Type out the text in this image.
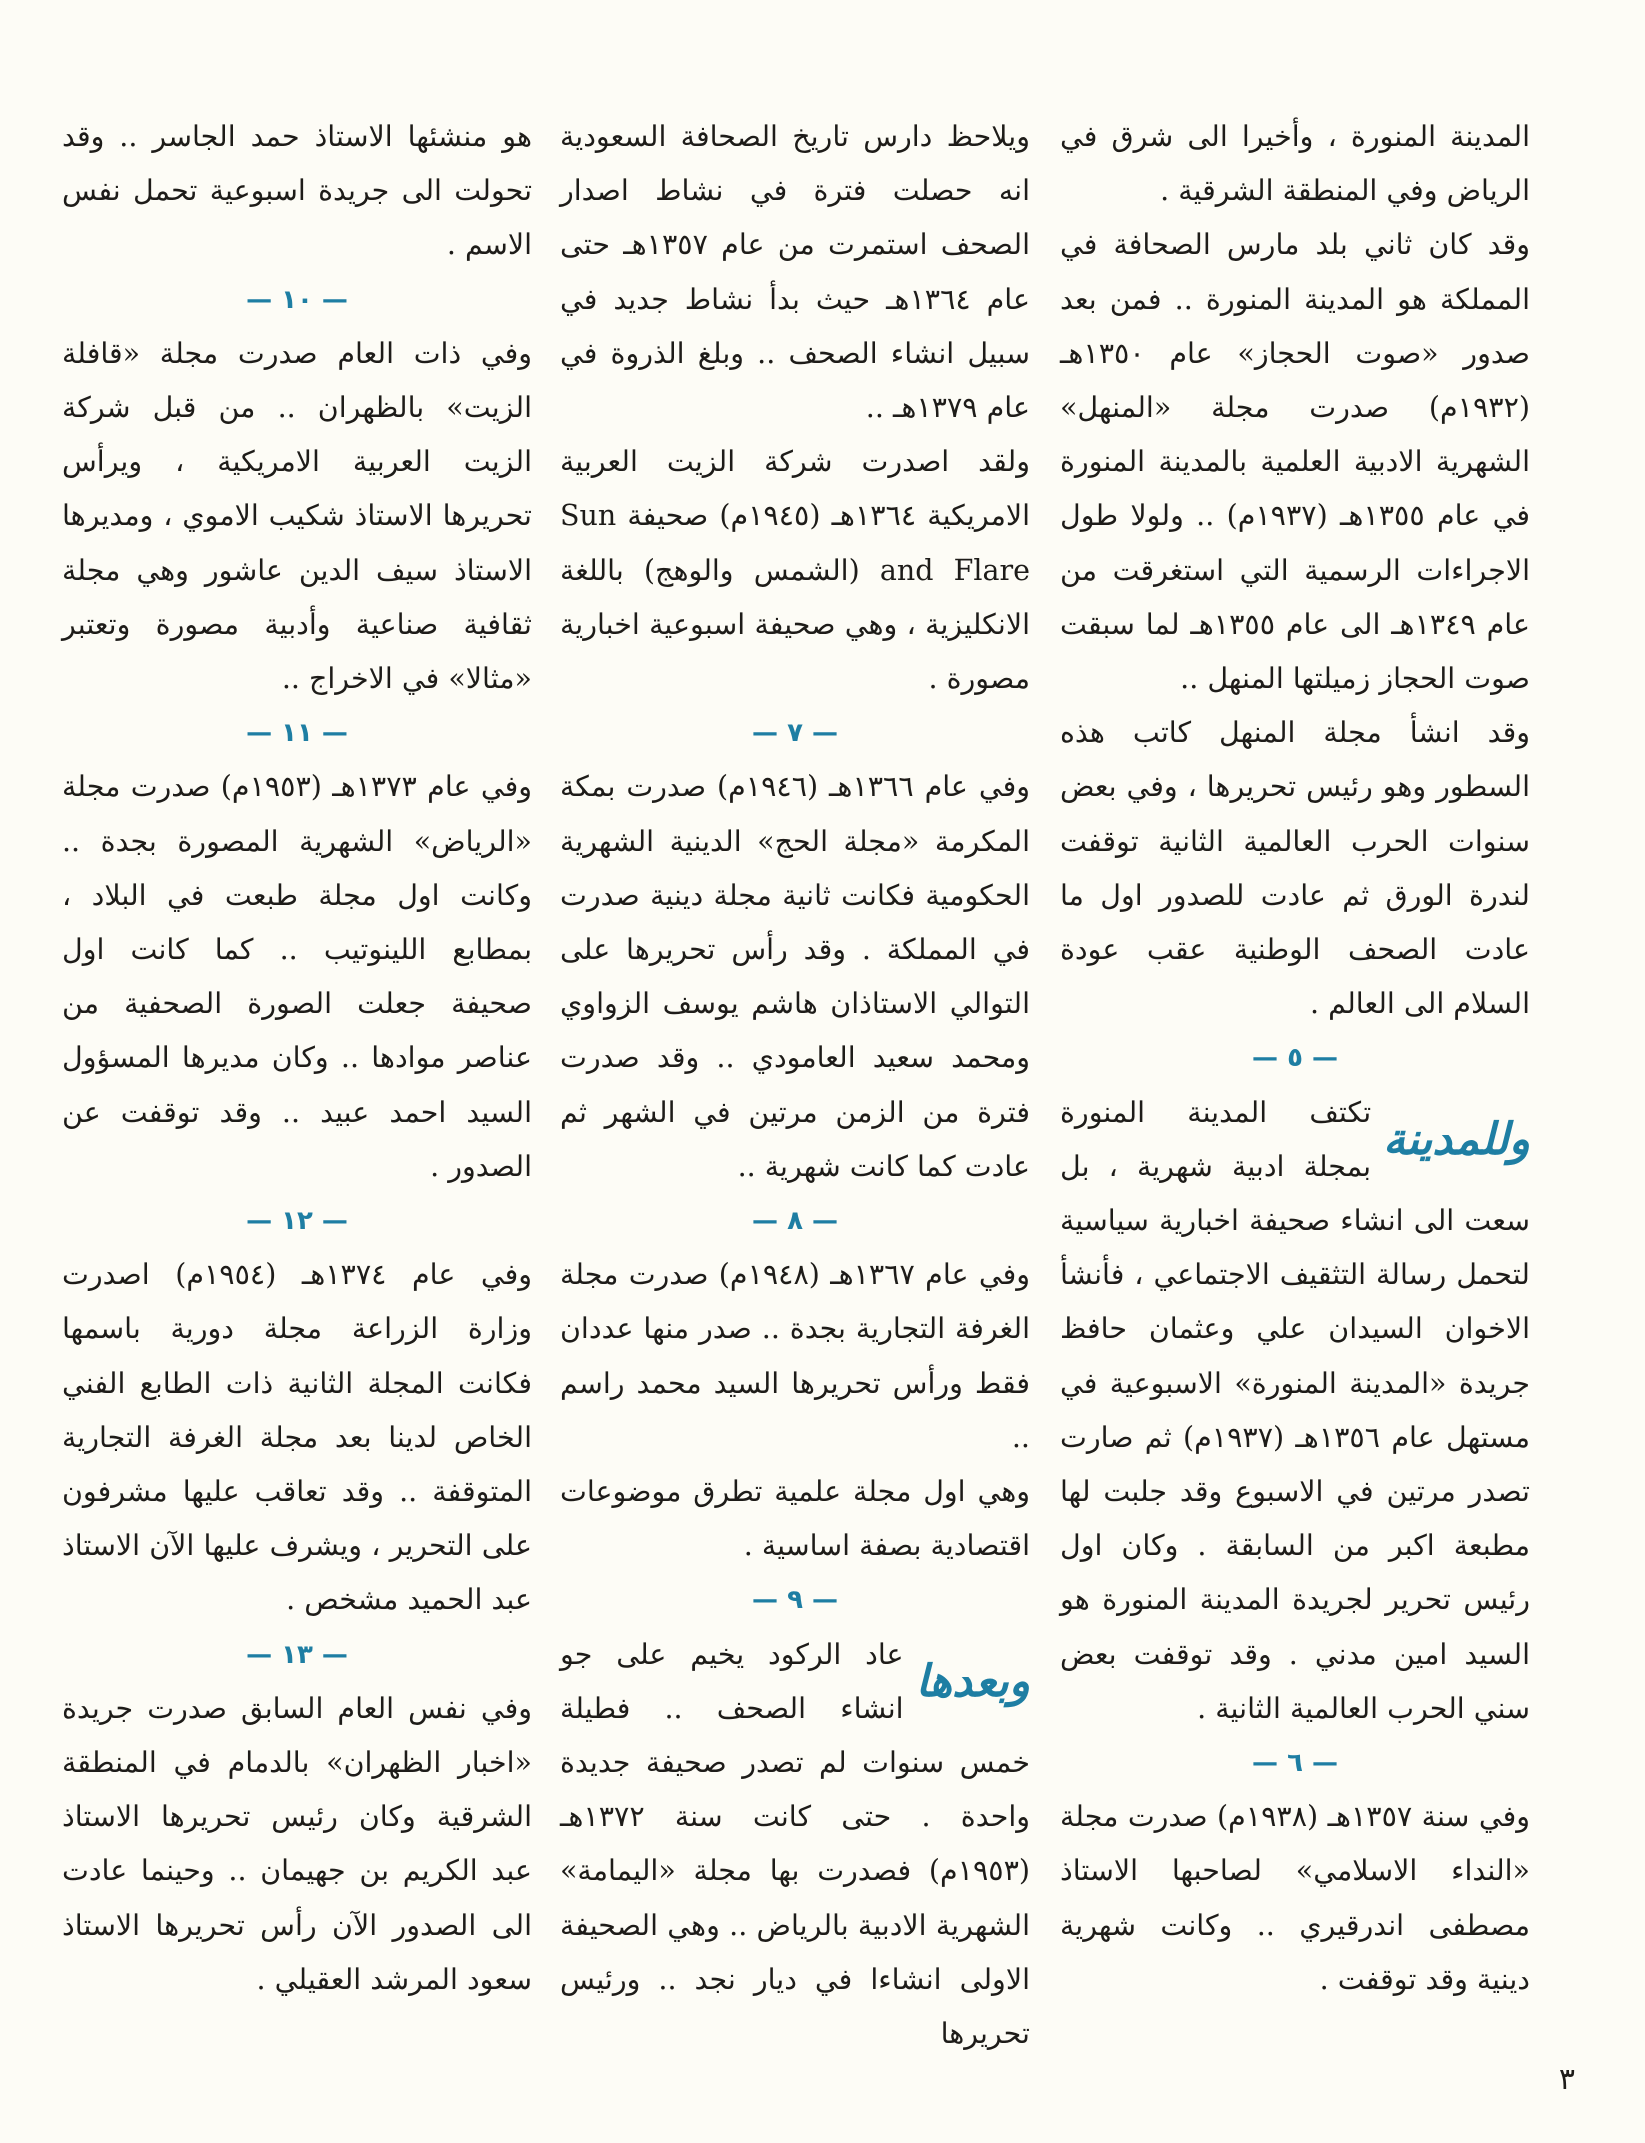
المدينة المنورة ، وأخيرا الى شرق في الرياض وفي المنطقة الشرقية .

وقد كان ثاني بلد مارس الصحافة في المملكة هو المدينة المنورة .. فمن بعد صدور «صوت الحجاز» عام ١٣٥٠هـ (١٩٣٢م) صدرت مجلة «المنهل» الشهرية الادبية العلمية بالمدينة المنورة في عام ١٣٥٥هـ (١٩٣٧م) .. ولولا طول الاجراءات الرسمية التي استغرقت من عام ١٣٤٩هـ الى عام ١٣٥٥هـ لما سبقت صوت الحجاز زميلتها المنهل ..

وقد انشأ مجلة المنهل كاتب هذه السطور وهو رئيس تحريرها ، وفي بعض سنوات الحرب العالمية الثانية توقفت لندرة الورق ثم عادت للصدور اول ما عادت الصحف الوطنية عقب عودة السلام الى العالم .

— ٥ —
وللمدينة

تكتف المدينة المنورة بمجلة ادبية شهرية ، بل سعت الى انشاء صحيفة اخبارية سياسية لتحمل رسالة التثقيف الاجتماعي ، فأنشأ الاخوان السيدان علي وعثمان حافظ جريدة «المدينة المنورة» الاسبوعية في مستهل عام ١٣٥٦هـ (١٩٣٧م) ثم صارت تصدر مرتين في الاسبوع وقد جلبت لها مطبعة اكبر من السابقة . وكان اول رئيس تحرير لجريدة المدينة المنورة هو السيد امين مدني . وقد توقفت بعض سني الحرب العالمية الثانية .

— ٦ —

وفي سنة ١٣٥٧هـ (١٩٣٨م) صدرت مجلة «النداء الاسلامي» لصاحبها الاستاذ مصطفى اندرقيري .. وكانت شهرية دينية وقد توقفت .

ويلاحظ دارس تاريخ الصحافة السعودية انه حصلت فترة في نشاط اصدار الصحف استمرت من عام ١٣٥٧هـ حتى عام ١٣٦٤هـ حيث بدأ نشاط جديد في سبيل انشاء الصحف .. وبلغ الذروة في عام ١٣٧٩هـ ..

ولقد اصدرت شركة الزيت العربية الامريكية ١٣٦٤هـ (١٩٤٥م) صحيفة Sun and Flare (الشمس والوهج) باللغة الانكليزية ، وهي صحيفة اسبوعية اخبارية مصورة .

— ٧ —

وفي عام ١٣٦٦هـ (١٩٤٦م) صدرت بمكة المكرمة «مجلة الحج» الدينية الشهرية الحكومية فكانت ثانية مجلة دينية صدرت في المملكة . وقد رأس تحريرها على التوالي الاستاذان هاشم يوسف الزواوي ومحمد سعيد العامودي .. وقد صدرت فترة من الزمن مرتين في الشهر ثم عادت كما كانت شهرية ..

— ٨ —

وفي عام ١٣٦٧هـ (١٩٤٨م) صدرت مجلة الغرفة التجارية بجدة .. صدر منها عددان فقط ورأس تحريرها السيد محمد راسم ..

وهي اول مجلة علمية تطرق موضوعات اقتصادية بصفة اساسية .

— ٩ —
وبعدها

عاد الركود يخيم على جو انشاء الصحف .. فطيلة خمس سنوات لم تصدر صحيفة جديدة واحدة . حتى كانت سنة ١٣٧٢هـ (١٩٥٣م) فصدرت بها مجلة «اليمامة» الشهرية الادبية بالرياض .. وهي الصحيفة الاولى انشاءا في ديار نجد .. ورئيس تحريرها

هو منشئها الاستاذ حمد الجاسر .. وقد تحولت الى جريدة اسبوعية تحمل نفس الاسم .

— ١٠ —

وفي ذات العام صدرت مجلة «قافلة الزيت» بالظهران .. من قبل شركة الزيت العربية الامريكية ، ويرأس تحريرها الاستاذ شكيب الاموي ، ومديرها الاستاذ سيف الدين عاشور وهي مجلة ثقافية صناعية وأدبية مصورة وتعتبر «مثالا» في الاخراج ..

— ١١ —

وفي عام ١٣٧٣هـ (١٩٥٣م) صدرت مجلة «الرياض» الشهرية المصورة بجدة .. وكانت اول مجلة طبعت في البلاد ، بمطابع اللينوتيب .. كما كانت اول صحيفة جعلت الصورة الصحفية من عناصر موادها .. وكان مديرها المسؤول السيد احمد عبيد .. وقد توقفت عن الصدور .

— ١٢ —

وفي عام ١٣٧٤هـ (١٩٥٤م) اصدرت وزارة الزراعة مجلة دورية باسمها فكانت المجلة الثانية ذات الطابع الفني الخاص لدينا بعد مجلة الغرفة التجارية المتوقفة .. وقد تعاقب عليها مشرفون على التحرير ، ويشرف عليها الآن الاستاذ عبد الحميد مشخص .

— ١٣ —

وفي نفس العام السابق صدرت جريدة «اخبار الظهران» بالدمام في المنطقة الشرقية وكان رئيس تحريرها الاستاذ عبد الكريم بن جهيمان .. وحينما عادت الى الصدور الآن رأس تحريرها الاستاذ سعود المرشد العقيلي .

٣
